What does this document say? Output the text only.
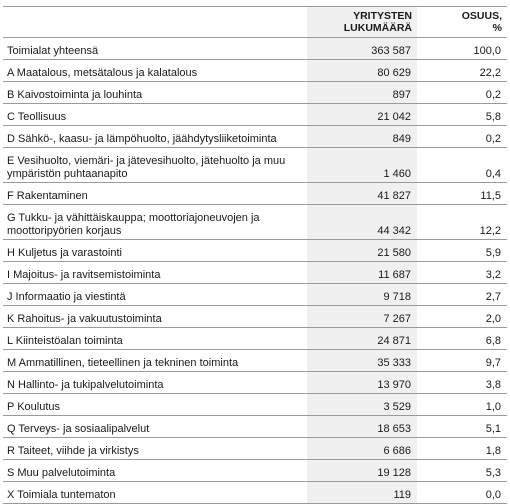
	YRITYSTEN
LUKUMÄÄRÄ	OSUUS,
%
Toimialat yhteensä	363 587	100,0
A Maatalous, metsätalous ja kalatalous	80 629	22,2
B Kaivostoiminta ja louhinta	897	0,2
C Teollisuus	21 042	5,8
D Sähkö-, kaasu- ja lämpöhuolto, jäähdytysliiketoiminta	849	0,2
E Vesihuolto, viemäri- ja jätevesihuolto, jätehuolto ja muu ympäristön puhtaanapito	1 460	0,4
F Rakentaminen	41 827	11,5
G Tukku- ja vähittäiskauppa; moottoriajoneuvojen ja moottoripyörien korjaus	44 342	12,2
H Kuljetus ja varastointi	21 580	5,9
I Majoitus- ja ravitsemistoiminta	11 687	3,2
J Informaatio ja viestintä	9 718	2,7
K Rahoitus- ja vakuutustoiminta	7 267	2,0
L Kiinteistöalan toiminta	24 871	6,8
M Ammatillinen, tieteellinen ja tekninen toiminta	35 333	9,7
N Hallinto- ja tukipalvelutoiminta	13 970	3,8
P Koulutus	3 529	1,0
Q Terveys- ja sosiaalipalvelut	18 653	5,1
R Taiteet, viihde ja virkistys	6 686	1,8
S Muu palvelutoiminta	19 128	5,3
X Toimiala tuntematon	119	0,0
